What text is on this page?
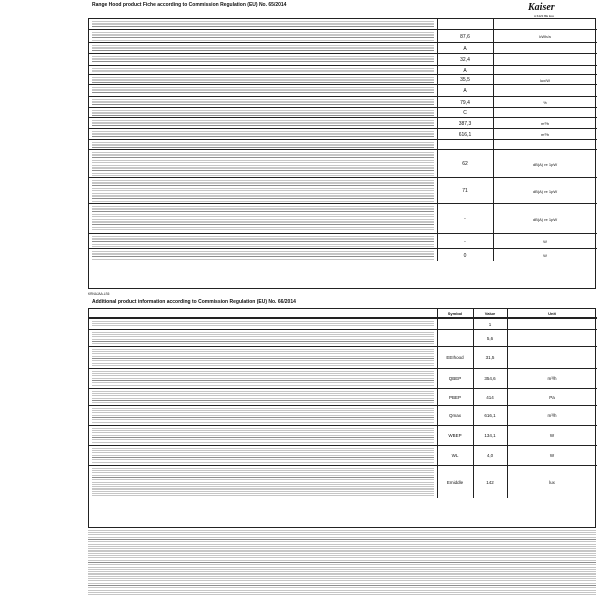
Range Hood product Fiche according to Commission Regulation (EU) No. 65/2014	Kaiser
A 6423 BE Eco
87,6	kWh/a
A
32,4
A
35,5	lux/W
A
79,4	%
C
387,3	m³/h
616,1	m³/h
62	dB(A) re 1pW
71	dB(A) re 1pW
-	dB(A) re 1pW
-	W
0	W
KRNAJAA-LS6
Additional product information according to Commission Regulation (EU) No. 66/2014
Symbol	Value	Unit
1
5,6
EEIhood	31,5
QBEP	354,6	m³/h
PBEP	414	Pa
Qmax	616,1	m³/h
WBEP	134,1	W
WL	4,0	W
Emiddle	142	lux
